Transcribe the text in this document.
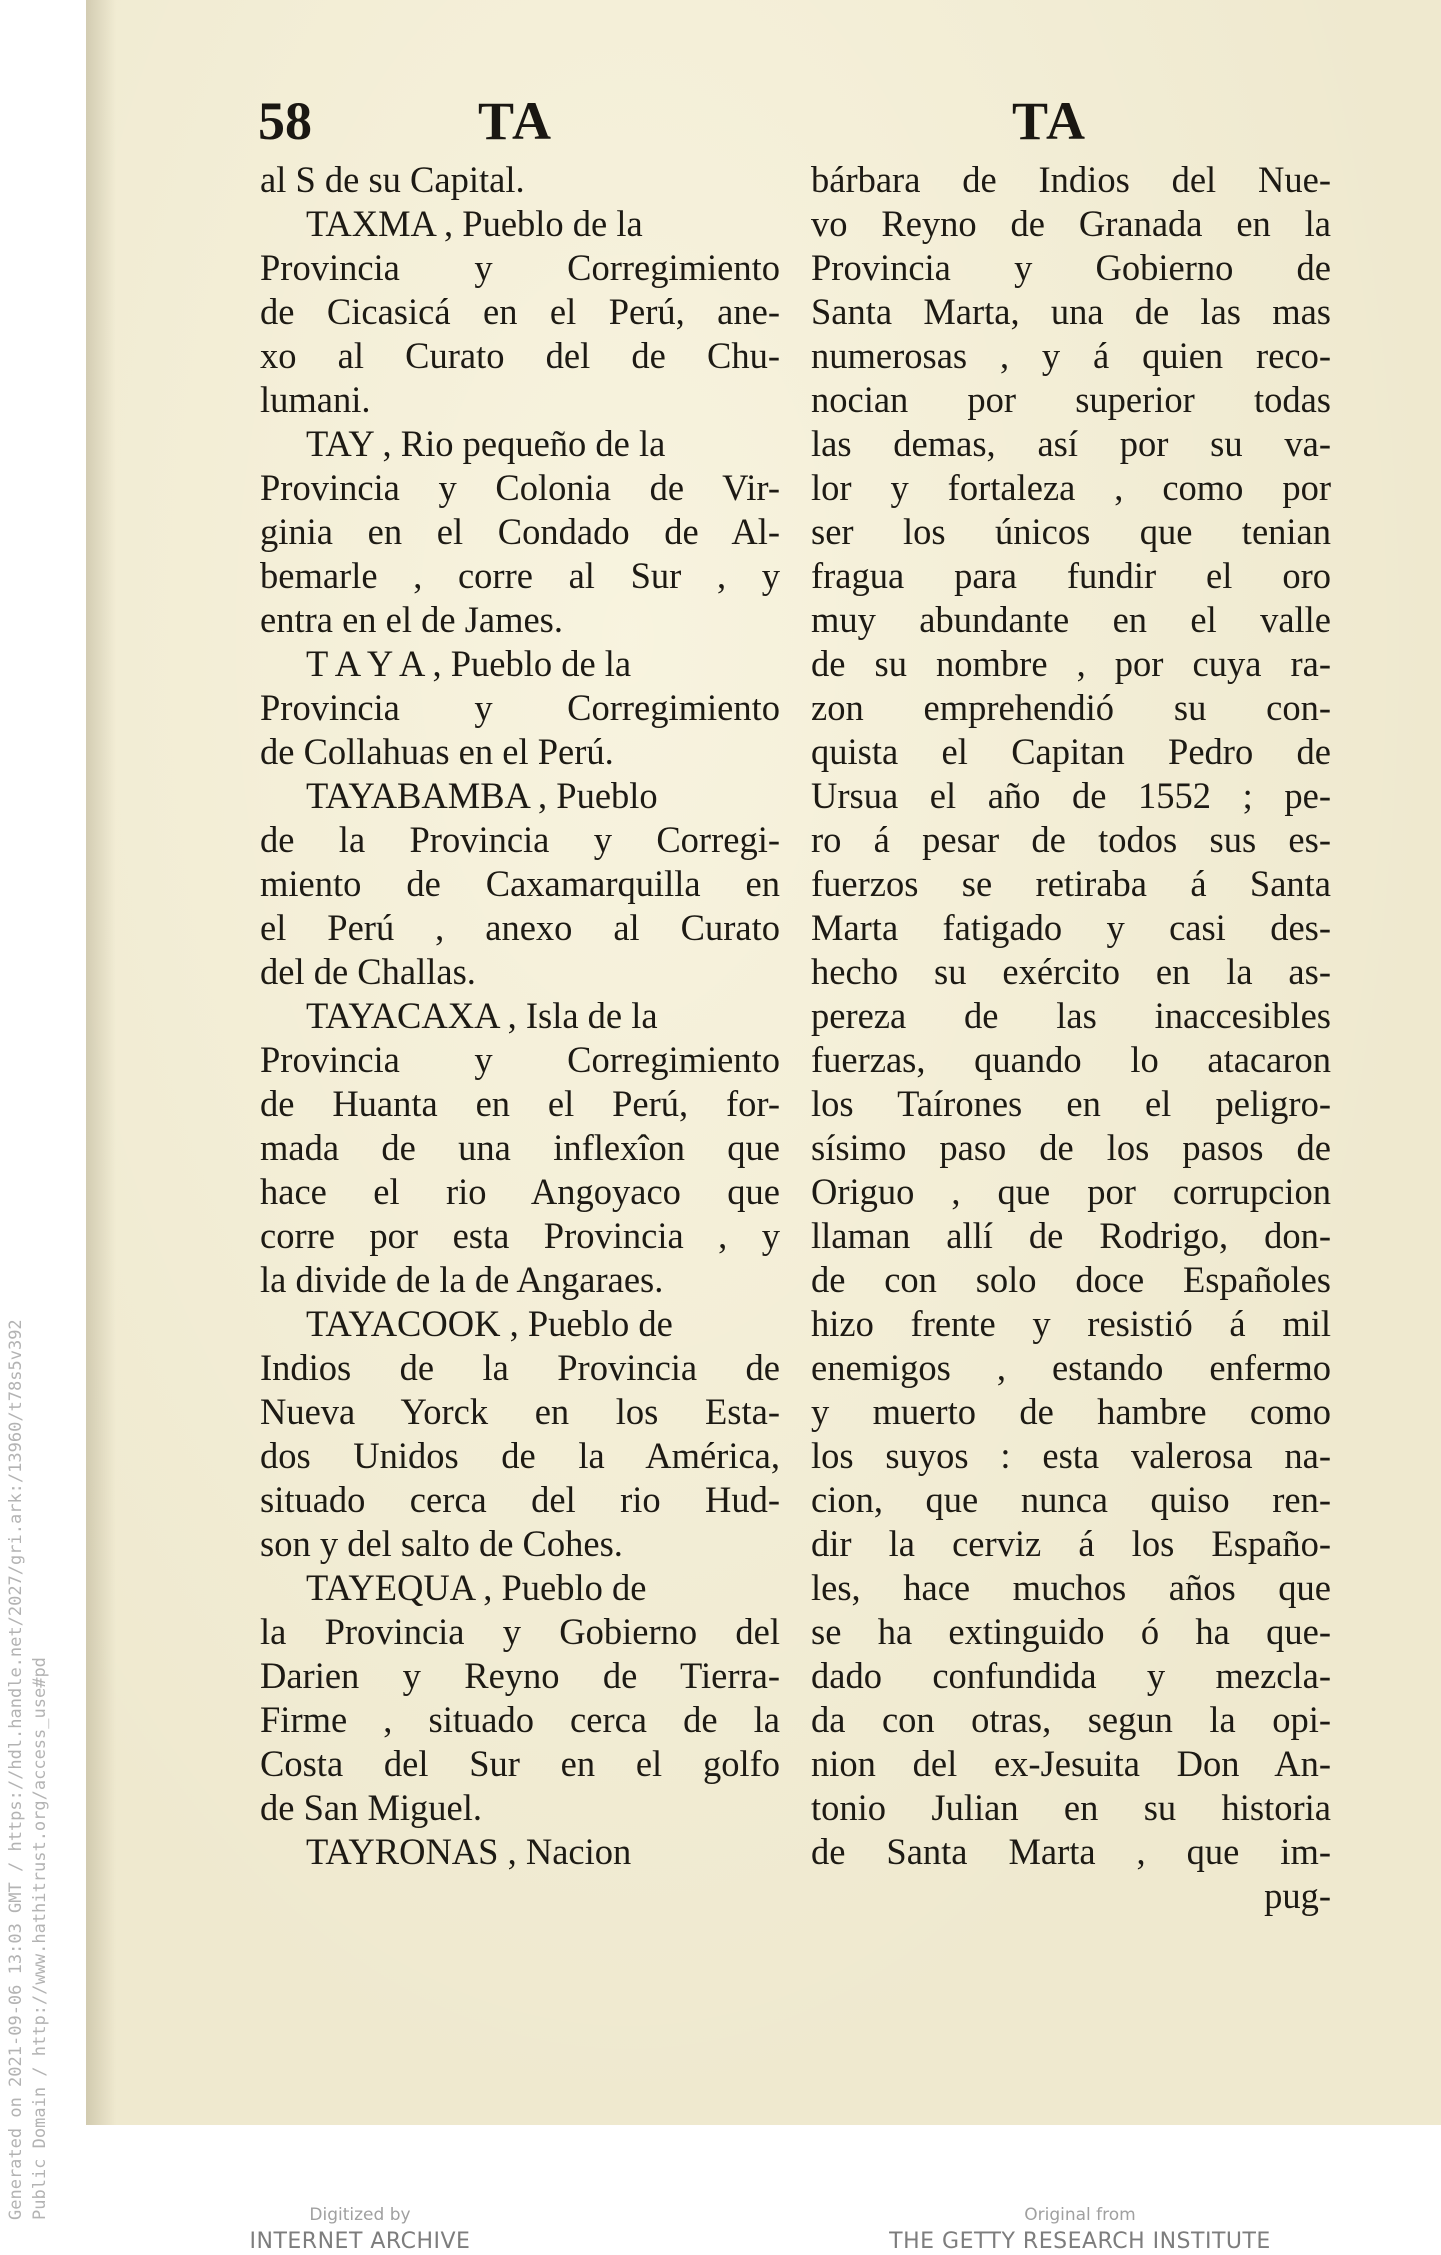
Generated on 2021-09-06 13:03 GMT / https://hdl.handle.net/2027/gri.ark:/13960/t78s5v392 Public Domain / http://www.hathitrust.org/access_use#pd
58	TA	TA
al S de su Capital.
TAXMA , Pueblo de la
Provincia y Corregimiento
de Cicasicá en el Perú, ane-
xo al Curato del de Chu-
lumani.
TAY , Rio pequeño de la
Provincia y Colonia de Vir-
ginia en el Condado de Al-
bemarle , corre al Sur , y
entra en el de James.
T A Y A , Pueblo de la
Provincia y Corregimiento
de Collahuas en el Perú.
TAYABAMBA , Pueblo
de la Provincia y Corregi-
miento de Caxamarquilla en
el Perú , anexo al Curato
del de Challas.
TAYACAXA , Isla de la
Provincia y Corregimiento
de Huanta en el Perú, for-
mada de una inflexîon que
hace el rio Angoyaco que
corre por esta Provincia , y
la divide de la de Angaraes.
TAYACOOK , Pueblo de
Indios de la Provincia de
Nueva Yorck en los Esta-
dos Unidos de la América,
situado cerca del rio Hud-
son y del salto de Cohes.
TAYEQUA , Pueblo de
la Provincia y Gobierno del
Darien y Reyno de Tierra-
Firme , situado cerca de la
Costa del Sur en el golfo
de San Miguel.
TAYRONAS , Nacion
bárbara de Indios del Nue-
vo Reyno de Granada en la
Provincia y Gobierno de
Santa Marta, una de las mas
numerosas , y á quien reco-
nocian por superior todas
las demas, así por su va-
lor y fortaleza , como por
ser los únicos que tenian
fragua para fundir el oro
muy abundante en el valle
de su nombre , por cuya ra-
zon emprehendió su con-
quista el Capitan Pedro de
Ursua el año de 1552 ; pe-
ro á pesar de todos sus es-
fuerzos se retiraba á Santa
Marta fatigado y casi des-
hecho su exército en la as-
pereza de las inaccesibles
fuerzas, quando lo atacaron
los Taírones en el peligro-
sísimo paso de los pasos de
Origuo , que por corrupcion
llaman allí de Rodrigo, don-
de con solo doce Españoles
hizo frente y resistió á mil
enemigos , estando enfermo
y muerto de hambre como
los suyos : esta valerosa na-
cion, que nunca quiso ren-
dir la cerviz á los Españo-
les, hace muchos años que
se ha extinguido ó ha que-
dado confundida y mezcla-
da con otras, segun la opi-
nion del ex-Jesuita Don An-
tonio Julian en su historia
de Santa Marta , que im-
pug-
Digitized by
INTERNET ARCHIVE
Original from
THE GETTY RESEARCH INSTITUTE
